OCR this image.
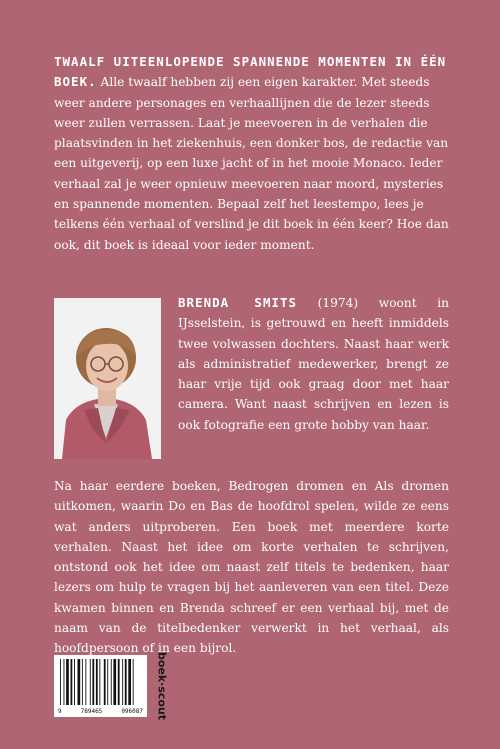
TWAALF UITEENLOPENDE SPANNENDE MOMENTEN IN ÉÉN BOEK. Alle twaalf hebben zij een eigen karakter. Met steeds weer andere personages en verhaallijnen die de lezer steeds weer zullen verrassen. Laat je meevoeren in de verhalen die plaatsvinden in het ziekenhuis, een donker bos, de redactie van een uitgeverij, op een luxe jacht of in het mooie Monaco. Ieder verhaal zal je weer opnieuw meevoeren naar moord, mysteries en spannende momenten. Bepaal zelf het leestempo, lees je telkens één verhaal of verslind je dit boek in één keer? Hoe dan ook, dit boek is ideaal voor ieder moment.
BRENDA SMITS (1974) woont in IJsselstein, is getrouwd en heeft inmiddels twee volwassen dochters. Naast haar werk als administratief medewerker, brengt ze haar vrije tijd ook graag door met haar camera. Want naast schrijven en lezen is ook fotografie een grote hobby van haar.
Na haar eerdere boeken, Bedrogen dromen en Als dromen uitkomen, waarin Do en Bas de hoofdrol spelen, wilde ze eens wat anders uitproberen. Een boek met meerdere korte verhalen. Naast het idee om korte verhalen te schrijven, ontstond ook het idee om naast zelf titels te bedenken, haar lezers om hulp te vragen bij het aanleveren van een titel. Deze kwamen binnen en Brenda schreef er een verhaal bij, met de naam van de titelbedenker verwerkt in het verhaal, als hoofdpersoon of in een bijrol.
9	789465	096087 boek·scout
